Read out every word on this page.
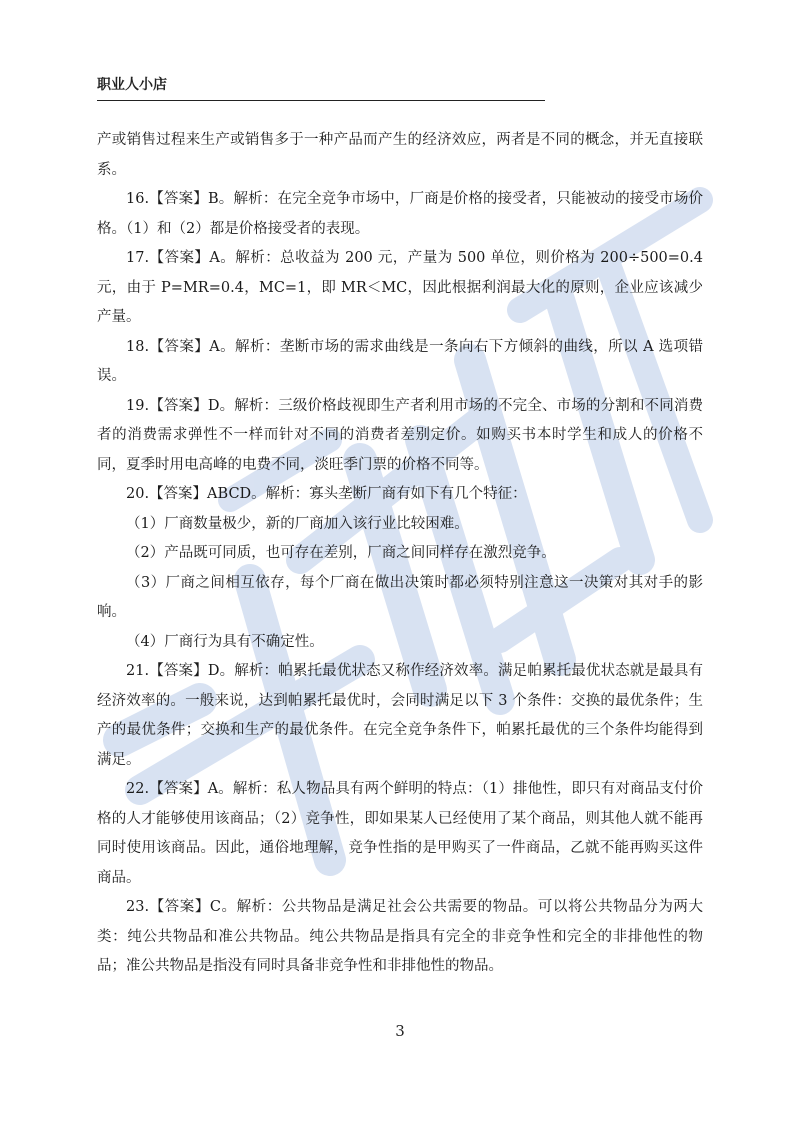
职业人小店

产或销售过程来生产或销售多于一种产品而产生的经济效应，两者是不同的概念，并无直接联系。

16.【答案】B。解析：在完全竞争市场中，厂商是价格的接受者，只能被动的接受市场价格。（1）和（2）都是价格接受者的表现。

17.【答案】A。解析：总收益为 200 元，产量为 500 单位，则价格为 200÷500=0.4 元，由于 P=MR=0.4，MC=1，即 MR＜MC，因此根据利润最大化的原则，企业应该减少产量。

18.【答案】A。解析：垄断市场的需求曲线是一条向右下方倾斜的曲线，所以 A 选项错误。

19.【答案】D。解析：三级价格歧视即生产者利用市场的不完全、市场的分割和不同消费者的消费需求弹性不一样而针对不同的消费者差别定价。如购买书本时学生和成人的价格不同，夏季时用电高峰的电费不同，淡旺季门票的价格不同等。

20.【答案】ABCD。解析：寡头垄断厂商有如下有几个特征：

（1）厂商数量极少，新的厂商加入该行业比较困难。

（2）产品既可同质，也可存在差别，厂商之间同样存在激烈竞争。

（3）厂商之间相互依存，每个厂商在做出决策时都必须特别注意这一决策对其对手的影响。

（4）厂商行为具有不确定性。

21.【答案】D。解析：帕累托最优状态又称作经济效率。满足帕累托最优状态就是最具有经济效率的。一般来说，达到帕累托最优时，会同时满足以下 3 个条件：交换的最优条件；生产的最优条件；交换和生产的最优条件。在完全竞争条件下，帕累托最优的三个条件均能得到满足。

22.【答案】A。解析：私人物品具有两个鲜明的特点：（1）排他性，即只有对商品支付价格的人才能够使用该商品；（2）竞争性，即如果某人已经使用了某个商品，则其他人就不能再同时使用该商品。因此，通俗地理解，竞争性指的是甲购买了一件商品，乙就不能再购买这件商品。

23.【答案】C。解析：公共物品是满足社会公共需要的物品。可以将公共物品分为两大类：纯公共物品和准公共物品。纯公共物品是指具有完全的非竞争性和完全的非排他性的物品；准公共物品是指没有同时具备非竞争性和非排他性的物品。

3
